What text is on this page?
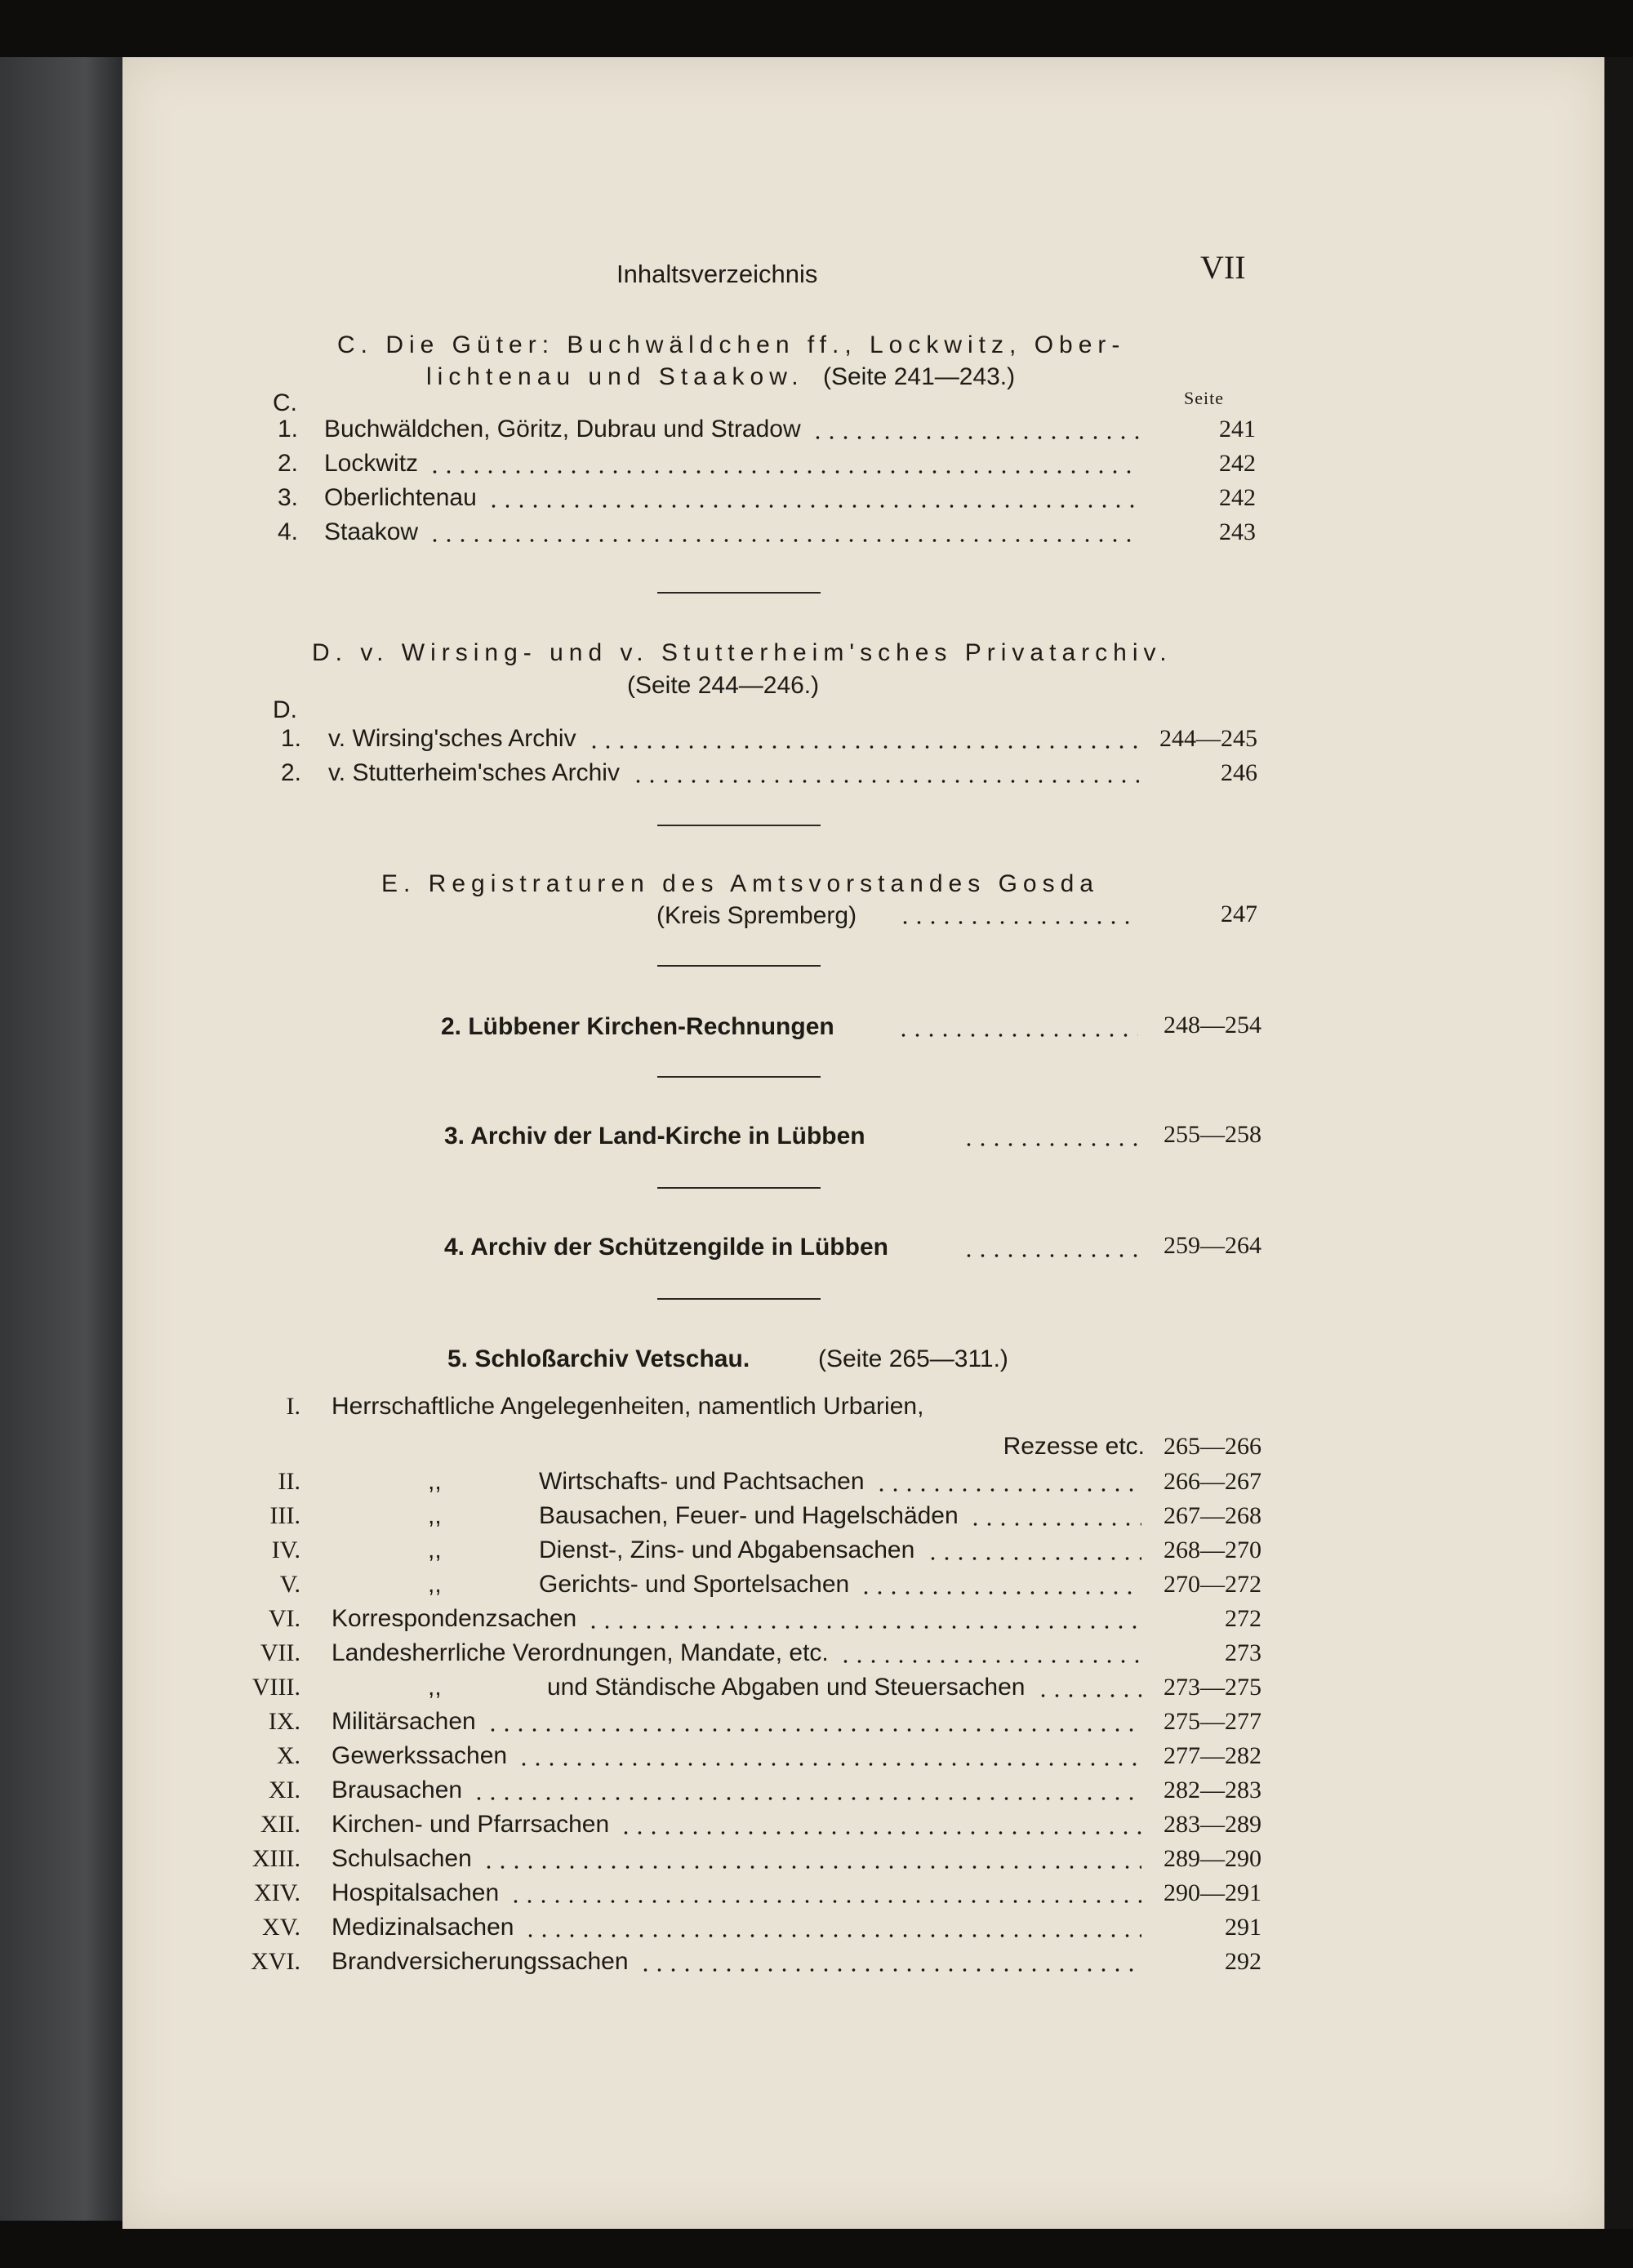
Inhaltsverzeichnis	VII
C. Die Güter: Buchwäldchen ff., Lockwitz, Ober-
lichtenau und Staakow. (Seite 241—243.)
C.	Seite
1. Buchwäldchen, Göritz, Dubrau und Stradow	241
2. Lockwitz	242
3. Oberlichtenau	242
4. Staakow	243
D. v. Wirsing- und v. Stutterheim'sches Privatarchiv.
(Seite 244—246.)
D.
1. v. Wirsing'sches Archiv	244—245
2. v. Stutterheim'sches Archiv	246
E. Registraturen des Amtsvorstandes Gosda
(Kreis Spremberg)	247
2. Lübbener Kirchen-Rechnungen	248—254
3. Archiv der Land-Kirche in Lübben	255—258
4. Archiv der Schützengilde in Lübben	259—264
5. Schloßarchiv Vetschau.	(Seite 265—311.)
I. Herrschaftliche Angelegenheiten, namentlich Urbarien,
Rezesse etc. 265—266
II.	,,	Wirtschafts- und Pachtsachen	266—267
III.	,,	Bausachen, Feuer- und Hagelschäden	267—268
IV.	,,	Dienst-, Zins- und Abgabensachen	268—270
V.	,,	Gerichts- und Sportelsachen	270—272
VI. Korrespondenzsachen	272
VII. Landesherrliche Verordnungen, Mandate, etc.	273
VIII.	,,	und Ständische Abgaben und Steuersachen	273—275
IX. Militärsachen	275—277
X. Gewerkssachen	277—282
XI. Brausachen	282—283
XII. Kirchen- und Pfarrsachen	283—289
XIII. Schulsachen	289—290
XIV. Hospitalsachen	290—291
XV. Medizinalsachen	291
XVI. Brandversicherungssachen	292
